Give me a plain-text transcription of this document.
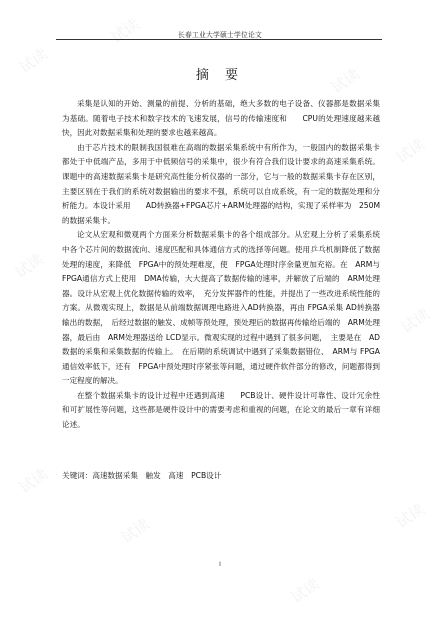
试读
试读
试读
试读
试读
试读
试读
试读
试读
试读
长春工业大学硕士学位论文
摘 要

采集是认知的开始、测量的前提、分析的基础，绝大多数的电子设备、仪器都是数据采集为基础。随着电子技术和数字技术的飞速发展，信号的传输速度和　　CPU的处理速度越来越快，因此对数据采集和处理的要求也越来越高。

由于芯片技术的限制我国很难在高端的数据采集系统中有所作为，一般国内的数据采集卡都处于中低端产品，多用于中低频信号的采集中，很少有符合我们设计要求的高速采集系统。课题中的高速数据采集卡是研究高性能分析仪器的一部分，它与一般的数据采集卡存在区别，主要区别在于我们的系统对数据输出的要求不强，系统可以自成系统，有一定的数据处理和分析能力。本设计采用　　AD转换器+FPGA芯片+ARM处理器的结构，实现了采样率为　250M的数据采集卡。

论文从宏观和微观两个方面来分析数据采集卡的各个组成部分。从宏观上分析了采集系统中各个芯片间的数据流向、速度匹配和具体通信方式的选择等问题。使用乒乓机制降低了数据处理的速度，来降低　FPGA中的预处理难度，使　FPGA处理时序余量更加充裕。在　ARM与 FPGA通信方式上使用　DMA传输，大大提高了数据传输的速率，并解放了后端的　ARM处理器。设计从宏观上优化数据传输的效率，　充分发挥器件的性能，并提出了一些改进系统性能的方案。从微观实现上，数据是从前端数据调理电路进入AD转换器，再由 FPGA采集 AD转换器输出的数据，　后经过数据的触发、成帧等预处理，预处理后的数据再传输给后端的　ARM处理器，最后由　ARM处理器送给 LCD显示。微观实现的过程中遇到了很多问题，　主要是在　AD数据的采集和采集数据的传输上。　在后期的系统调试中遇到了采集数据错位、　ARM与 FPGA通信效率低下，还有　FPGA中预处理时序紧张等问题，通过硬件软件部分的修改，问题都得到一定程度的解决。

在整个数据采集卡的设计过程中还遇到高速　　PCB设计、硬件设计可靠性、设计冗余性和可扩展性等问题，这些都是硬件设计中的需要考虑和重视的问题，在论文的最后一章有详细论述。

关键词：高速数据采集　触发　高速　PCB设计
I
